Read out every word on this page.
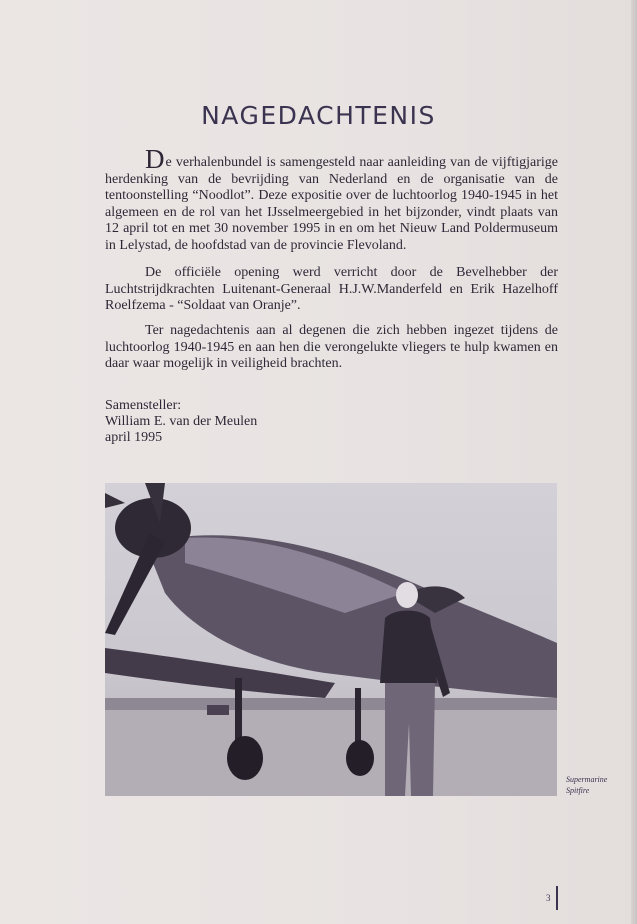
NAGEDACHTENIS
De verhalenbundel is samengesteld naar aanleiding van de vijftigjarige herdenking van de bevrijding van Nederland en de organisatie van de tentoonstelling “Noodlot”. Deze expositie over de luchtoorlog 1940-1945 in het algemeen en de rol van het IJsselmeergebied in het bijzonder, vindt plaats van 12 april tot en met 30 november 1995 in en om het Nieuw Land Poldermuseum in Lelystad, de hoofdstad van de provincie Flevoland.
De officiële opening werd verricht door de Bevelhebber der Luchtstrijdkrachten Luitenant-Generaal H.J.W.Manderfeld en Erik Hazelhoff Roelfzema - “Soldaat van Oranje”.
Ter nagedachtenis aan al degenen die zich hebben ingezet tijdens de luchtoorlog 1940-1945 en aan hen die verongelukte vliegers te hulp kwamen en daar waar mogelijk in veiligheid brachten.
Samensteller:
William E. van der Meulen
april 1995
Supermarine
Spitfire
3
